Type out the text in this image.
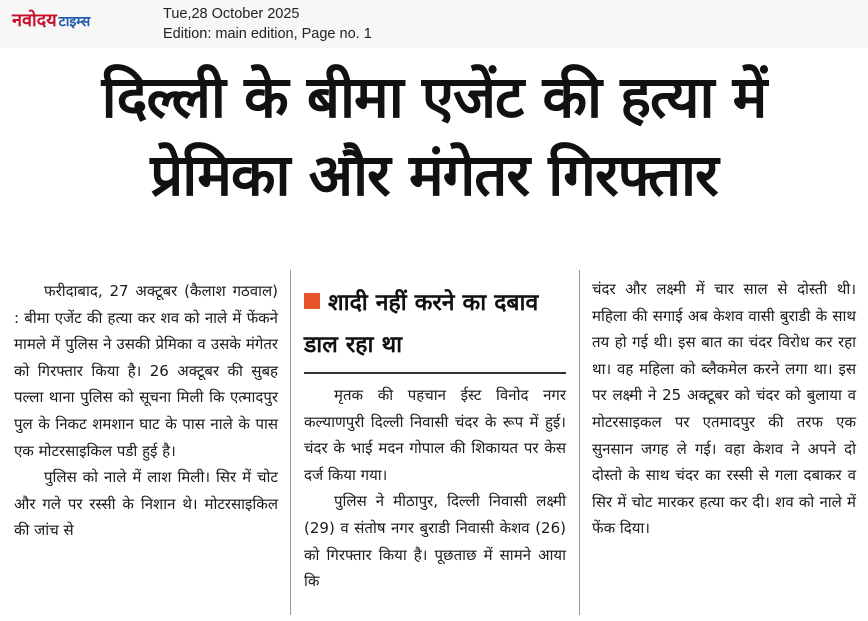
नवोदय टाइम्स	Tue,28 October 2025
Edition: main edition, Page no. 1
दिल्ली के बीमा एजेंट की हत्या में
प्रेमिका और मंगेतर गिरफ्तार

फरीदाबाद, 27 अक्टूबर (कैलाश गठवाल) : बीमा एजेंट की हत्या कर शव को नाले में फेंकने मामले में पुलिस ने उसकी प्रेमिका व उसके मंगेतर को गिरफ्तार किया है। 26 अक्टूबर की सुबह पल्ला थाना पुलिस को सूचना मिली कि एत्मादपुर पुल के निकट शमशान घाट के पास नाले के पास एक मोटरसाइकिल पडी हुई है।

पुलिस को नाले में लाश मिली। सिर में चोट और गले पर रस्सी के निशान थे। मोटरसाइकिल की जांच से

शादी नहीं करने का दबाव डाल रहा था

मृतक की पहचान ईस्ट विनोद नगर कल्याणपुरी दिल्ली निवासी चंदर के रूप में हुई। चंदर के भाई मदन गोपाल की शिकायत पर केस दर्ज किया गया।

पुलिस ने मीठापुर, दिल्ली निवासी लक्ष्मी (29) व संतोष नगर बुराडी निवासी केशव (26) को गिरफ्तार किया है। पूछताछ में सामने आया कि

चंदर और लक्ष्मी में चार साल से दोस्ती थी। महिला की सगाई अब केशव वासी बुराडी के साथ तय हो गई थी। इस बात का चंदर विरोध कर रहा था। वह महिला को ब्लैकमेल करने लगा था। इस पर लक्ष्मी ने 25 अक्टूबर को चंदर को बुलाया व मोटरसाइकल पर एतमादपुर की तरफ एक सुनसान जगह ले गई। वहा केशव ने अपने दो दोस्तो के साथ चंदर का रस्सी से गला दबाकर व सिर में चोट मारकर हत्या कर दी। शव को नाले में फेंक दिया।
